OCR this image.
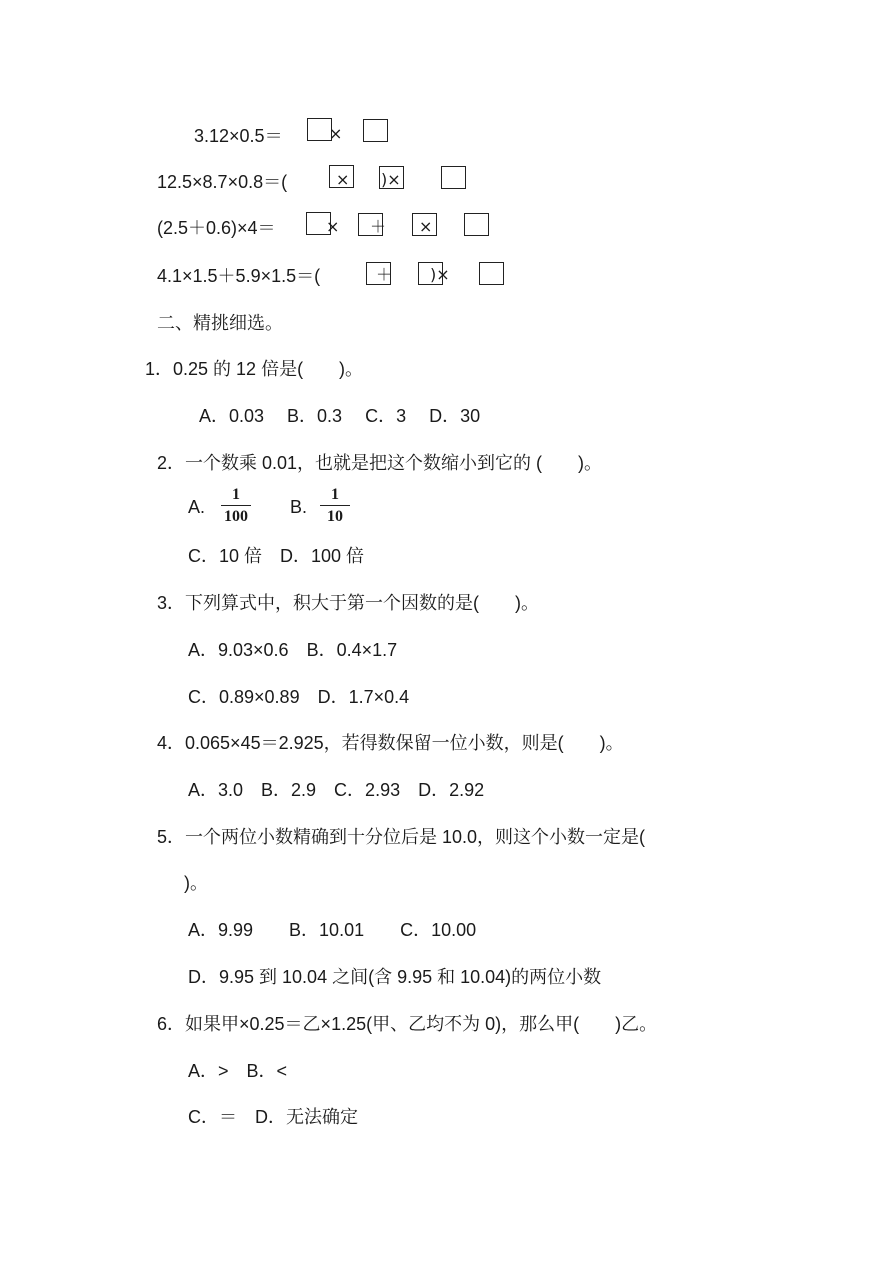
3.12×0.5＝	×
12.5×8.7×0.8＝(	× )×
(2.5＋0.6)×4＝	× ＋ ×
4.1×1.5＋5.9×1.5＝(	＋ )×
二、精挑细选。
1．0.25 的 12 倍是(　　)。
A．0.03　 B．0.3　 C．3　 D．30
2．一个数乘 0.01，也就是把这个数缩小到它的 (　　)。
A.
1
100 B.
1
10
C．10 倍　D．100 倍
3．下列算式中，积大于第一个因数的是(　　)。
A．9.03×0.6　B．0.4×1.7
C．0.89×0.89　D．1.7×0.4
4．0.065×45＝2.925，若得数保留一位小数，则是(　　)。
A．3.0　B．2.9　C．2.93　D．2.92
5．一个两位小数精确到十分位后是 10.0，则这个小数一定是(
)。
A．9.99　　B．10.01　　C．10.00
D．9.95 到 10.04 之间(含 9.95 和 10.04)的两位小数
6．如果甲×0.25＝乙×1.25(甲、乙均不为 0)，那么甲(　　)乙。
A．>　B．<
C．＝　D．无法确定
